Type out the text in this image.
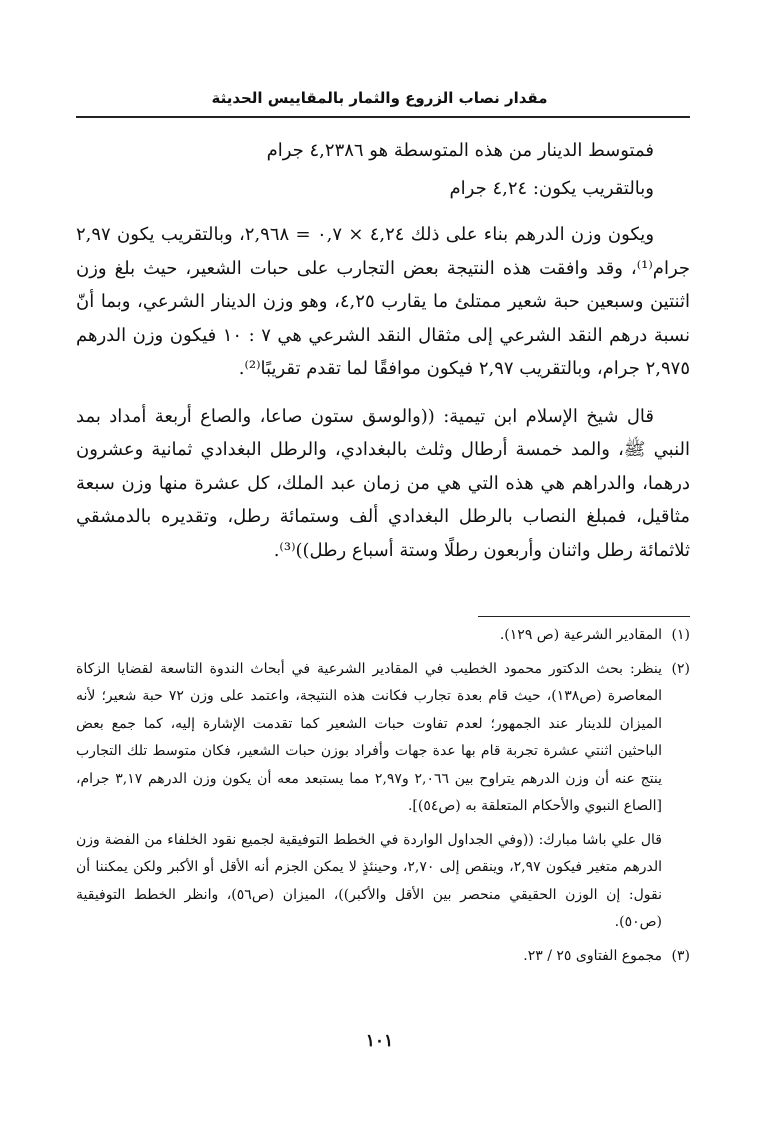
مقدار نصاب الزروع والثمار بالمقاييس الحديثة

فمتوسط الدينار من هذه المتوسطة هو ٤,٢٣٨٦ جرام

وبالتقريب يكون: ٤,٢٤ جرام

ويكون وزن الدرهم بناء على ذلك ٤,٢٤ × ٠,٧ = ٢,٩٦٨، وبالتقريب يكون ٢,٩٧ جرام⁽¹⁾، وقد وافقت هذه النتيجة بعض التجارب على حبات الشعير، حيث بلغ وزن اثنتين وسبعين حبة شعير ممتلئ ما يقارب ٤,٢٥، وهو وزن الدينار الشرعي، وبما أنّ نسبة درهم النقد الشرعي إلى مثقال النقد الشرعي هي ٧ : ١٠ فيكون وزن الدرهم ٢,٩٧٥ جرام، وبالتقريب ٢,٩٧ فيكون موافقًا لما تقدم تقريبًا⁽²⁾.

قال شيخ الإسلام ابن تيمية: ((والوسق ستون صاعا، والصاع أربعة أمداد بمد النبي ﷺ، والمد خمسة أرطال وثلث بالبغدادي، والرطل البغدادي ثمانية وعشرون درهما، والدراهم هي هذه التي هي من زمان عبد الملك، كل عشرة منها وزن سبعة مثاقيل، فمبلغ النصاب بالرطل البغدادي ألف وستمائة رطل، وتقديره بالدمشقي ثلاثمائة رطل واثنان وأربعون رطلًا وستة أسباع رطل))⁽³⁾.

(١)
المقادير الشرعية (ص ١٢٩).
(٢)
ينظر: بحث الدكتور محمود الخطيب في المقادير الشرعية في أبحاث الندوة التاسعة لقضايا الزكاة المعاصرة (ص١٣٨)، حيث قام بعدة تجارب فكانت هذه النتيجة، واعتمد على وزن ٧٢ حبة شعير؛ لأنه الميزان للدينار عند الجمهور؛ لعدم تفاوت حبات الشعير كما تقدمت الإشارة إليه، كما جمع بعض الباحثين اثنتي عشرة تجربة قام بها عدة جهات وأفراد بوزن حبات الشعير، فكان متوسط تلك التجارب ينتج عنه أن وزن الدرهم يتراوح بين ٢,٠٦٦ و٢,٩٧ مما يستبعد معه أن يكون وزن الدرهم ٣,١٧ جرام، [الصاع النبوي والأحكام المتعلقة به (ص٥٤)].
قال علي باشا مبارك: ((وفي الجداول الواردة في الخطط التوفيقية لجميع نقود الخلفاء من الفضة وزن الدرهم متغير فيكون ٢,٩٧، وينقص إلى ٢,٧٠، وحينئذٍ لا يمكن الجزم أنه الأقل أو الأكبر ولكن يمكننا أن نقول: إن الوزن الحقيقي منحصر بين الأقل والأكبر))، الميزان (ص٥٦)، وانظر الخطط التوفيقية (ص٥٠).
(٣)
مجموع الفتاوى ٢٥ / ٢٣.
١٠١
